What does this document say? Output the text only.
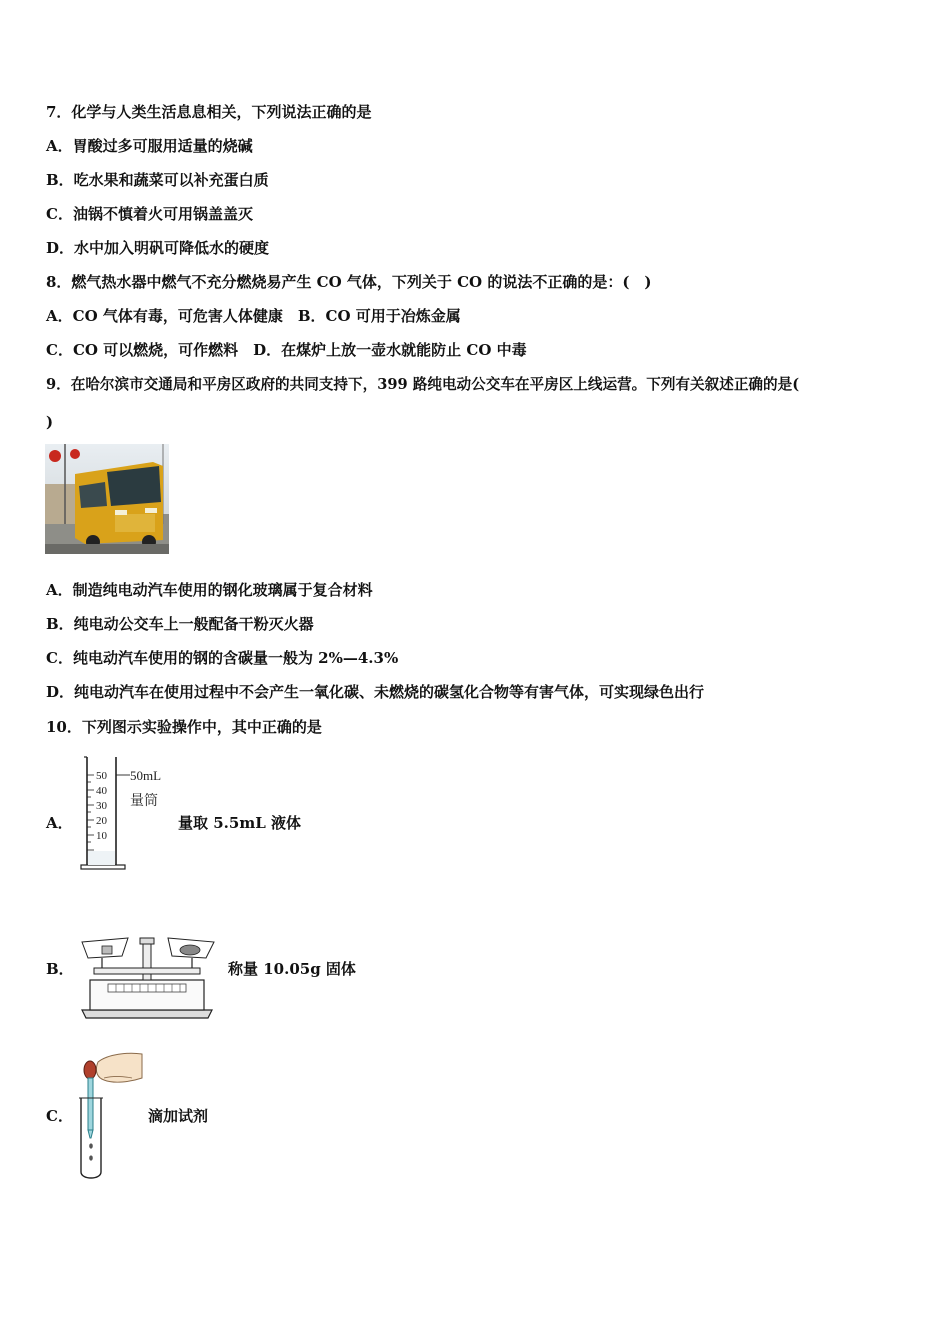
7．化学与人类生活息息相关，下列说法正确的是
A．胃酸过多可服用适量的烧碱
B．吃水果和蔬菜可以补充蛋白质
C．油锅不慎着火可用锅盖盖灭
D．水中加入明矾可降低水的硬度
8．燃气热水器中燃气不充分燃烧易产生 CO 气体，下列关于 CO 的说法不正确的是：(　)
A．CO 气体有毒，可危害人体健康　B．CO 可用于冶炼金属
C．CO 可以燃烧，可作燃料　D．在煤炉上放一壶水就能防止 CO 中毒
9．在哈尔滨市交通局和平房区政府的共同支持下，399 路纯电动公交车在平房区上线运营。下列有关叙述正确的是(
)
A．制造纯电动汽车使用的钢化玻璃属于复合材料
B．纯电动公交车上一般配备干粉灭火器
C．纯电动汽车使用的钢的含碳量一般为 2%—4.3%
D．纯电动汽车在使用过程中不会产生一氧化碳、未燃烧的碳氢化合物等有害气体，可实现绿色出行
10．下列图示实验操作中，其中正确的是
A．
50
40
30
20
10
50mL
量筒
量取 5.5mL 液体
B．	称量 10.05g 固体
C．	滴加试剂
